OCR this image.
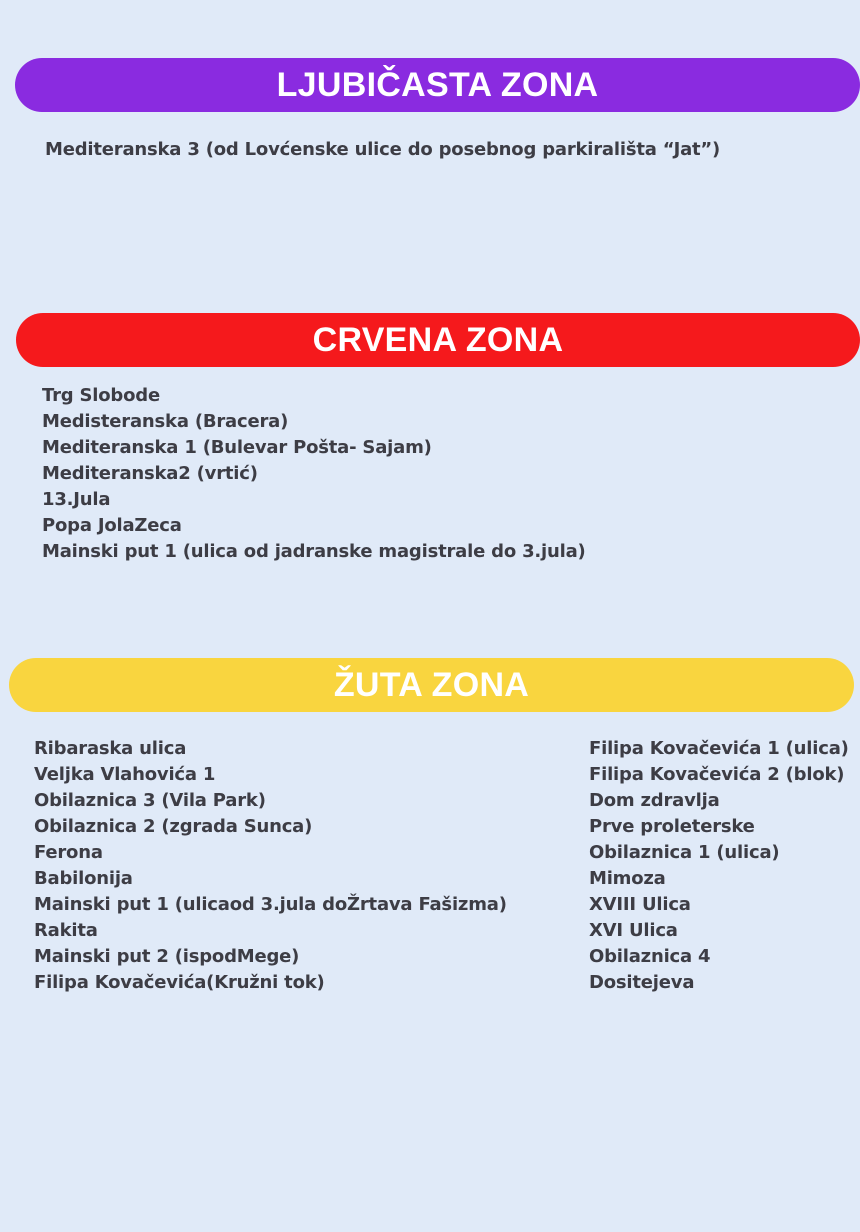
LJUBIČASTA ZONA
Mediteranska 3 (od Lovćenske ulice do posebnog parkirališta “Jat”)
CRVENA ZONA
Trg Slobode
Medisteranska (Bracera)
Mediteranska 1 (Bulevar Pošta- Sajam)
Mediteranska2 (vrtić)
13.Jula
Popa JolaZeca
Mainski put 1 (ulica od jadranske magistrale do 3.jula)
ŽUTA ZONA
Ribaraska ulica
Veljka Vlahovića 1
Obilaznica 3 (Vila Park)
Obilaznica 2 (zgrada Sunca)
Ferona
Babilonija
Mainski put 1 (ulicaod 3.jula doŽrtava Fašizma)
Rakita
Mainski put 2 (ispodMege)
Filipa Kovačevića(Kružni tok)
Filipa Kovačevića 1 (ulica)
Filipa Kovačevića 2 (blok)
Dom zdravlja
Prve proleterske
Obilaznica 1 (ulica)
Mimoza
XVIII Ulica
XVI Ulica
Obilaznica 4
Dositejeva
